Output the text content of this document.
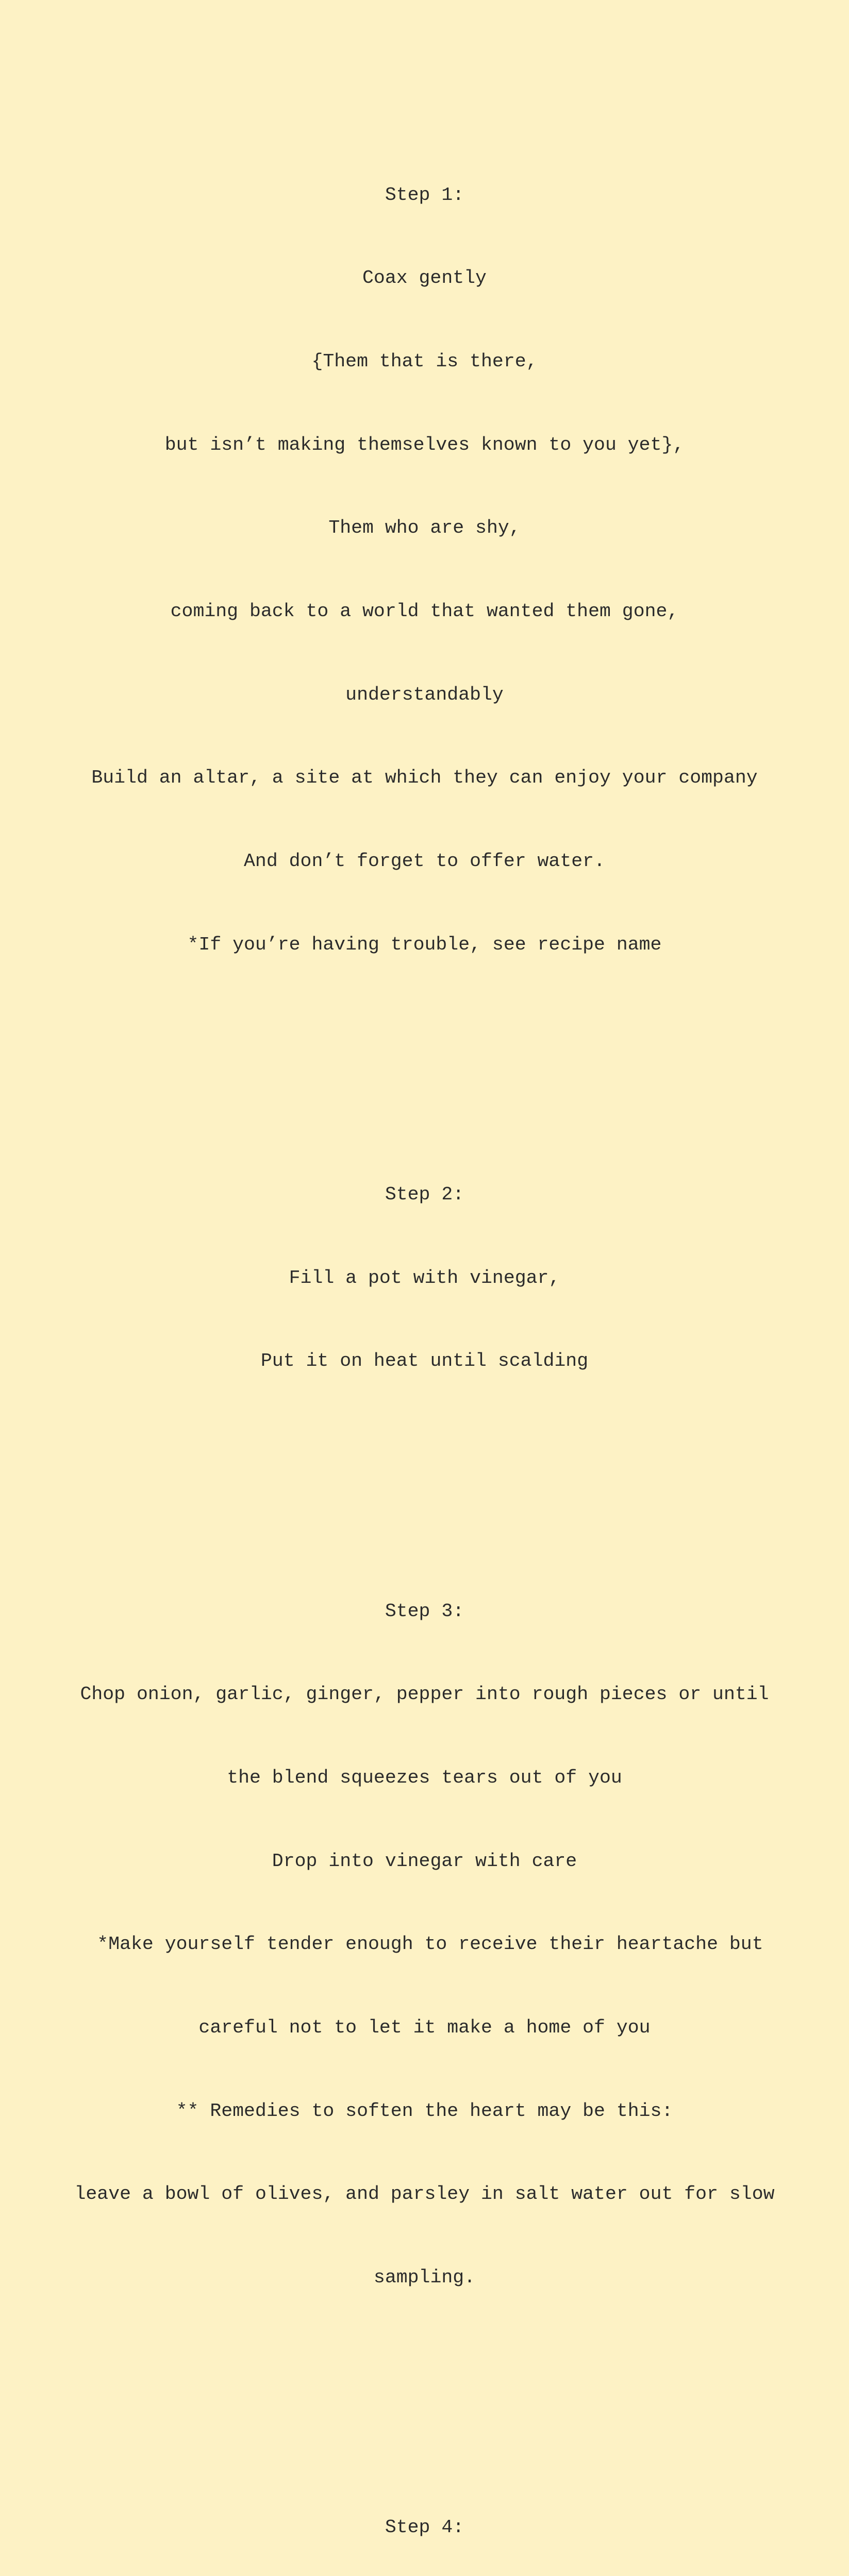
Step 1:

Coax gently

{Them that is there,

but isn’t making themselves known to you yet},

Them who are shy,

coming back to a world that wanted them gone,

understandably

Build an altar, a site at which they can enjoy your company

And don’t forget to offer water.

*If you’re having trouble, see recipe name

Step 2:

Fill a pot with vinegar,

Put it on heat until scalding

Step 3:

Chop onion, garlic, ginger, pepper into rough pieces or until

the blend squeezes tears out of you

Drop into vinegar with care

*Make yourself tender enough to receive their heartache but

careful not to let it make a home of you

** Remedies to soften the heart may be this:

leave a bowl of olives, and parsley in salt water out for slow

sampling.

Step 4:
